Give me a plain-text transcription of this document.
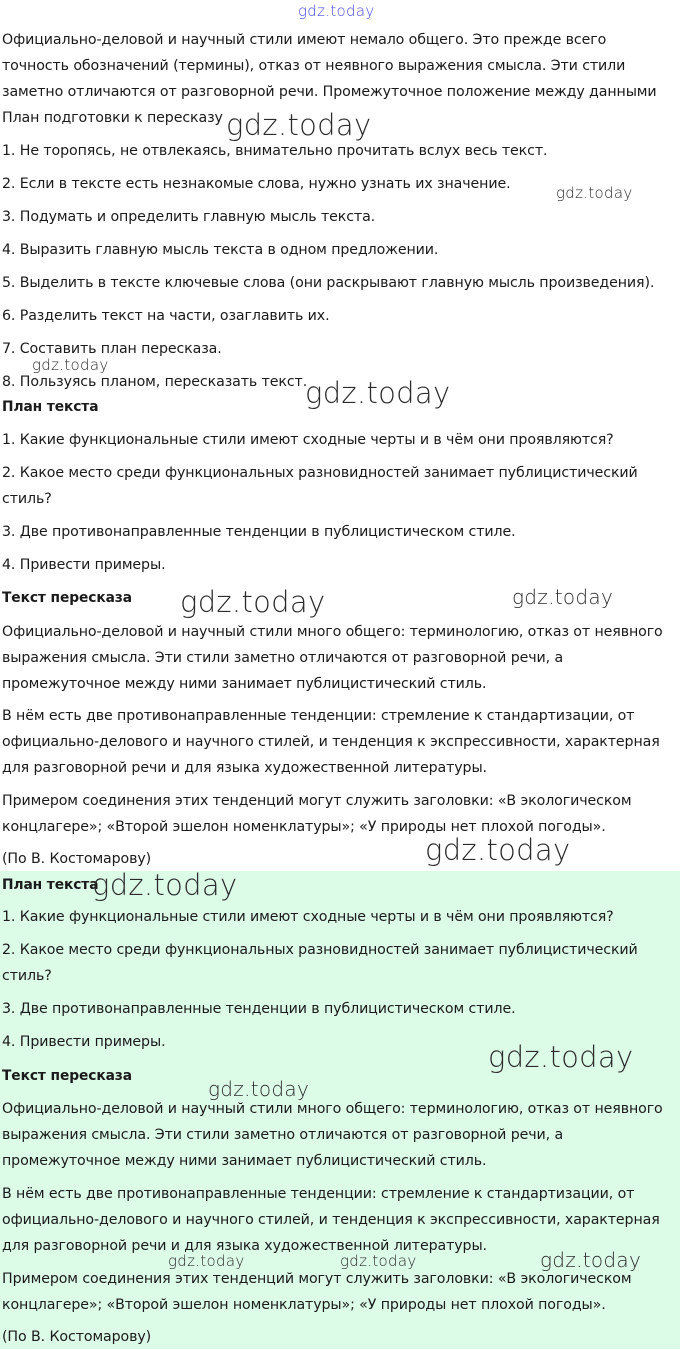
Официально-деловой и научный стили имеют немало общего. Это прежде всего

точность обозначений (термины), отказ от неявного выражения смысла. Эти стили

заметно отличаются от разговорной речи. Промежуточное положение между данными

План подготовки к пересказу

1. Не торопясь, не отвлекаясь, внимательно прочитать вслух весь текст.

2. Если в тексте есть незнакомые слова, нужно узнать их значение.

3. Подумать и определить главную мысль текста.

4. Выразить главную мысль текста в одном предложении.

5. Выделить в тексте ключевые слова (они раскрывают главную мысль произведения).

6. Разделить текст на части, озаглавить их.

7. Составить план пересказа.

8. Пользуясь планом, пересказать текст.

План текста

1. Какие функциональные стили имеют сходные черты и в чём они проявляются?

2. Какое место среди функциональных разновидностей занимает публицистический

стиль?

3. Две противонаправленные тенденции в публицистическом стиле.

4. Привести примеры.

Текст пересказа

Официально-деловой и научный стили много общего: терминологию, отказ от неявного

выражения смысла. Эти стили заметно отличаются от разговорной речи, а

промежуточное между ними занимает публицистический стиль.

В нём есть две противонаправленные тенденции: стремление к стандартизации, от

официально-делового и научного стилей, и тенденция к экспрессивности, характерная

для разговорной речи и для языка художественной литературы.

Примером соединения этих тенденций могут служить заголовки: «В экологическом

концлагере»; «Второй эшелон номенклатуры»; «У природы нет плохой погоды».

(По В. Костомарову)

План текста

1. Какие функциональные стили имеют сходные черты и в чём они проявляются?

2. Какое место среди функциональных разновидностей занимает публицистический

стиль?

3. Две противонаправленные тенденции в публицистическом стиле.

4. Привести примеры.

Текст пересказа

Официально-деловой и научный стили много общего: терминологию, отказ от неявного

выражения смысла. Эти стили заметно отличаются от разговорной речи, а

промежуточное между ними занимает публицистический стиль.

В нём есть две противонаправленные тенденции: стремление к стандартизации, от

официально-делового и научного стилей, и тенденция к экспрессивности, характерная

для разговорной речи и для языка художественной литературы.

Примером соединения этих тенденций могут служить заголовки: «В экологическом

концлагере»; «Второй эшелон номенклатуры»; «У природы нет плохой погоды».

(По В. Костомарову)

gdz.today
gdz.today
gdz.today
gdz.today
gdz.today
gdz.today	gdz.today
gdz.today
gdz.today
gdz.today
gdz.today
gdz.today
gdz.today	gdz.today
